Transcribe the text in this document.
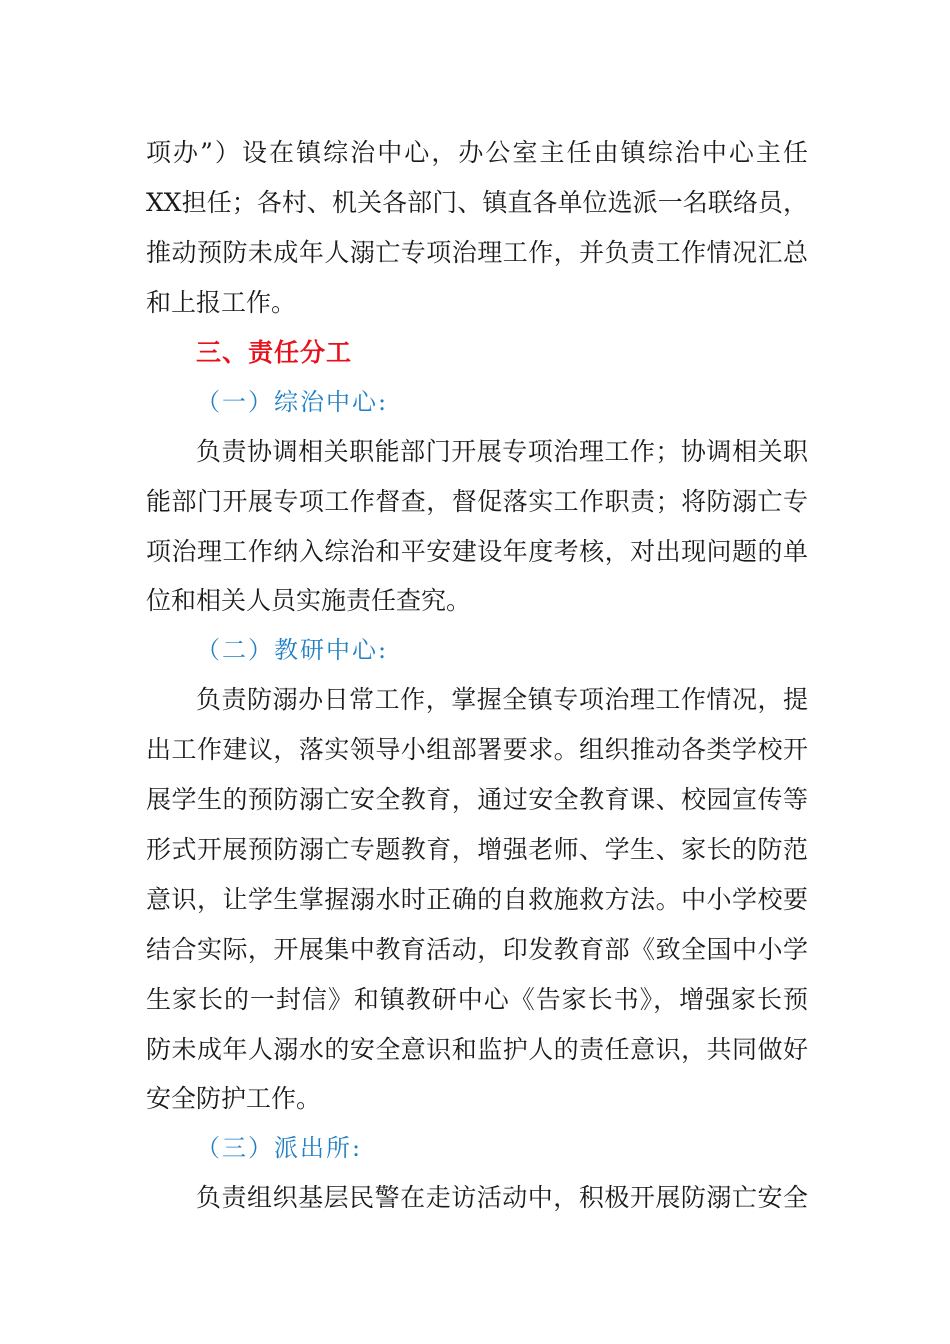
项办”）设在镇综治中心，办公室主任由镇综治中心主任
XX担任；各村、机关各部门、镇直各单位选派一名联络员，
推动预防未成年人溺亡专项治理工作，并负责工作情况汇总
和上报工作。
三、责任分工
（一）综治中心:
负责协调相关职能部门开展专项治理工作；协调相关职
能部门开展专项工作督查，督促落实工作职责；将防溺亡专
项治理工作纳入综治和平安建设年度考核，对出现问题的单
位和相关人员实施责任查究。
（二）教研中心:
负责防溺办日常工作，掌握全镇专项治理工作情况，提
出工作建议，落实领导小组部署要求。组织推动各类学校开
展学生的预防溺亡安全教育，通过安全教育课、校园宣传等
形式开展预防溺亡专题教育，增强老师、学生、家长的防范
意识，让学生掌握溺水时正确的自救施救方法。中小学校要
结合实际，开展集中教育活动，印发教育部《致全国中小学
生家长的一封信》和镇教研中心《告家长书》，增强家长预
防未成年人溺水的安全意识和监护人的责任意识，共同做好
安全防护工作。
（三）派出所:
负责组织基层民警在走访活动中，积极开展防溺亡安全
